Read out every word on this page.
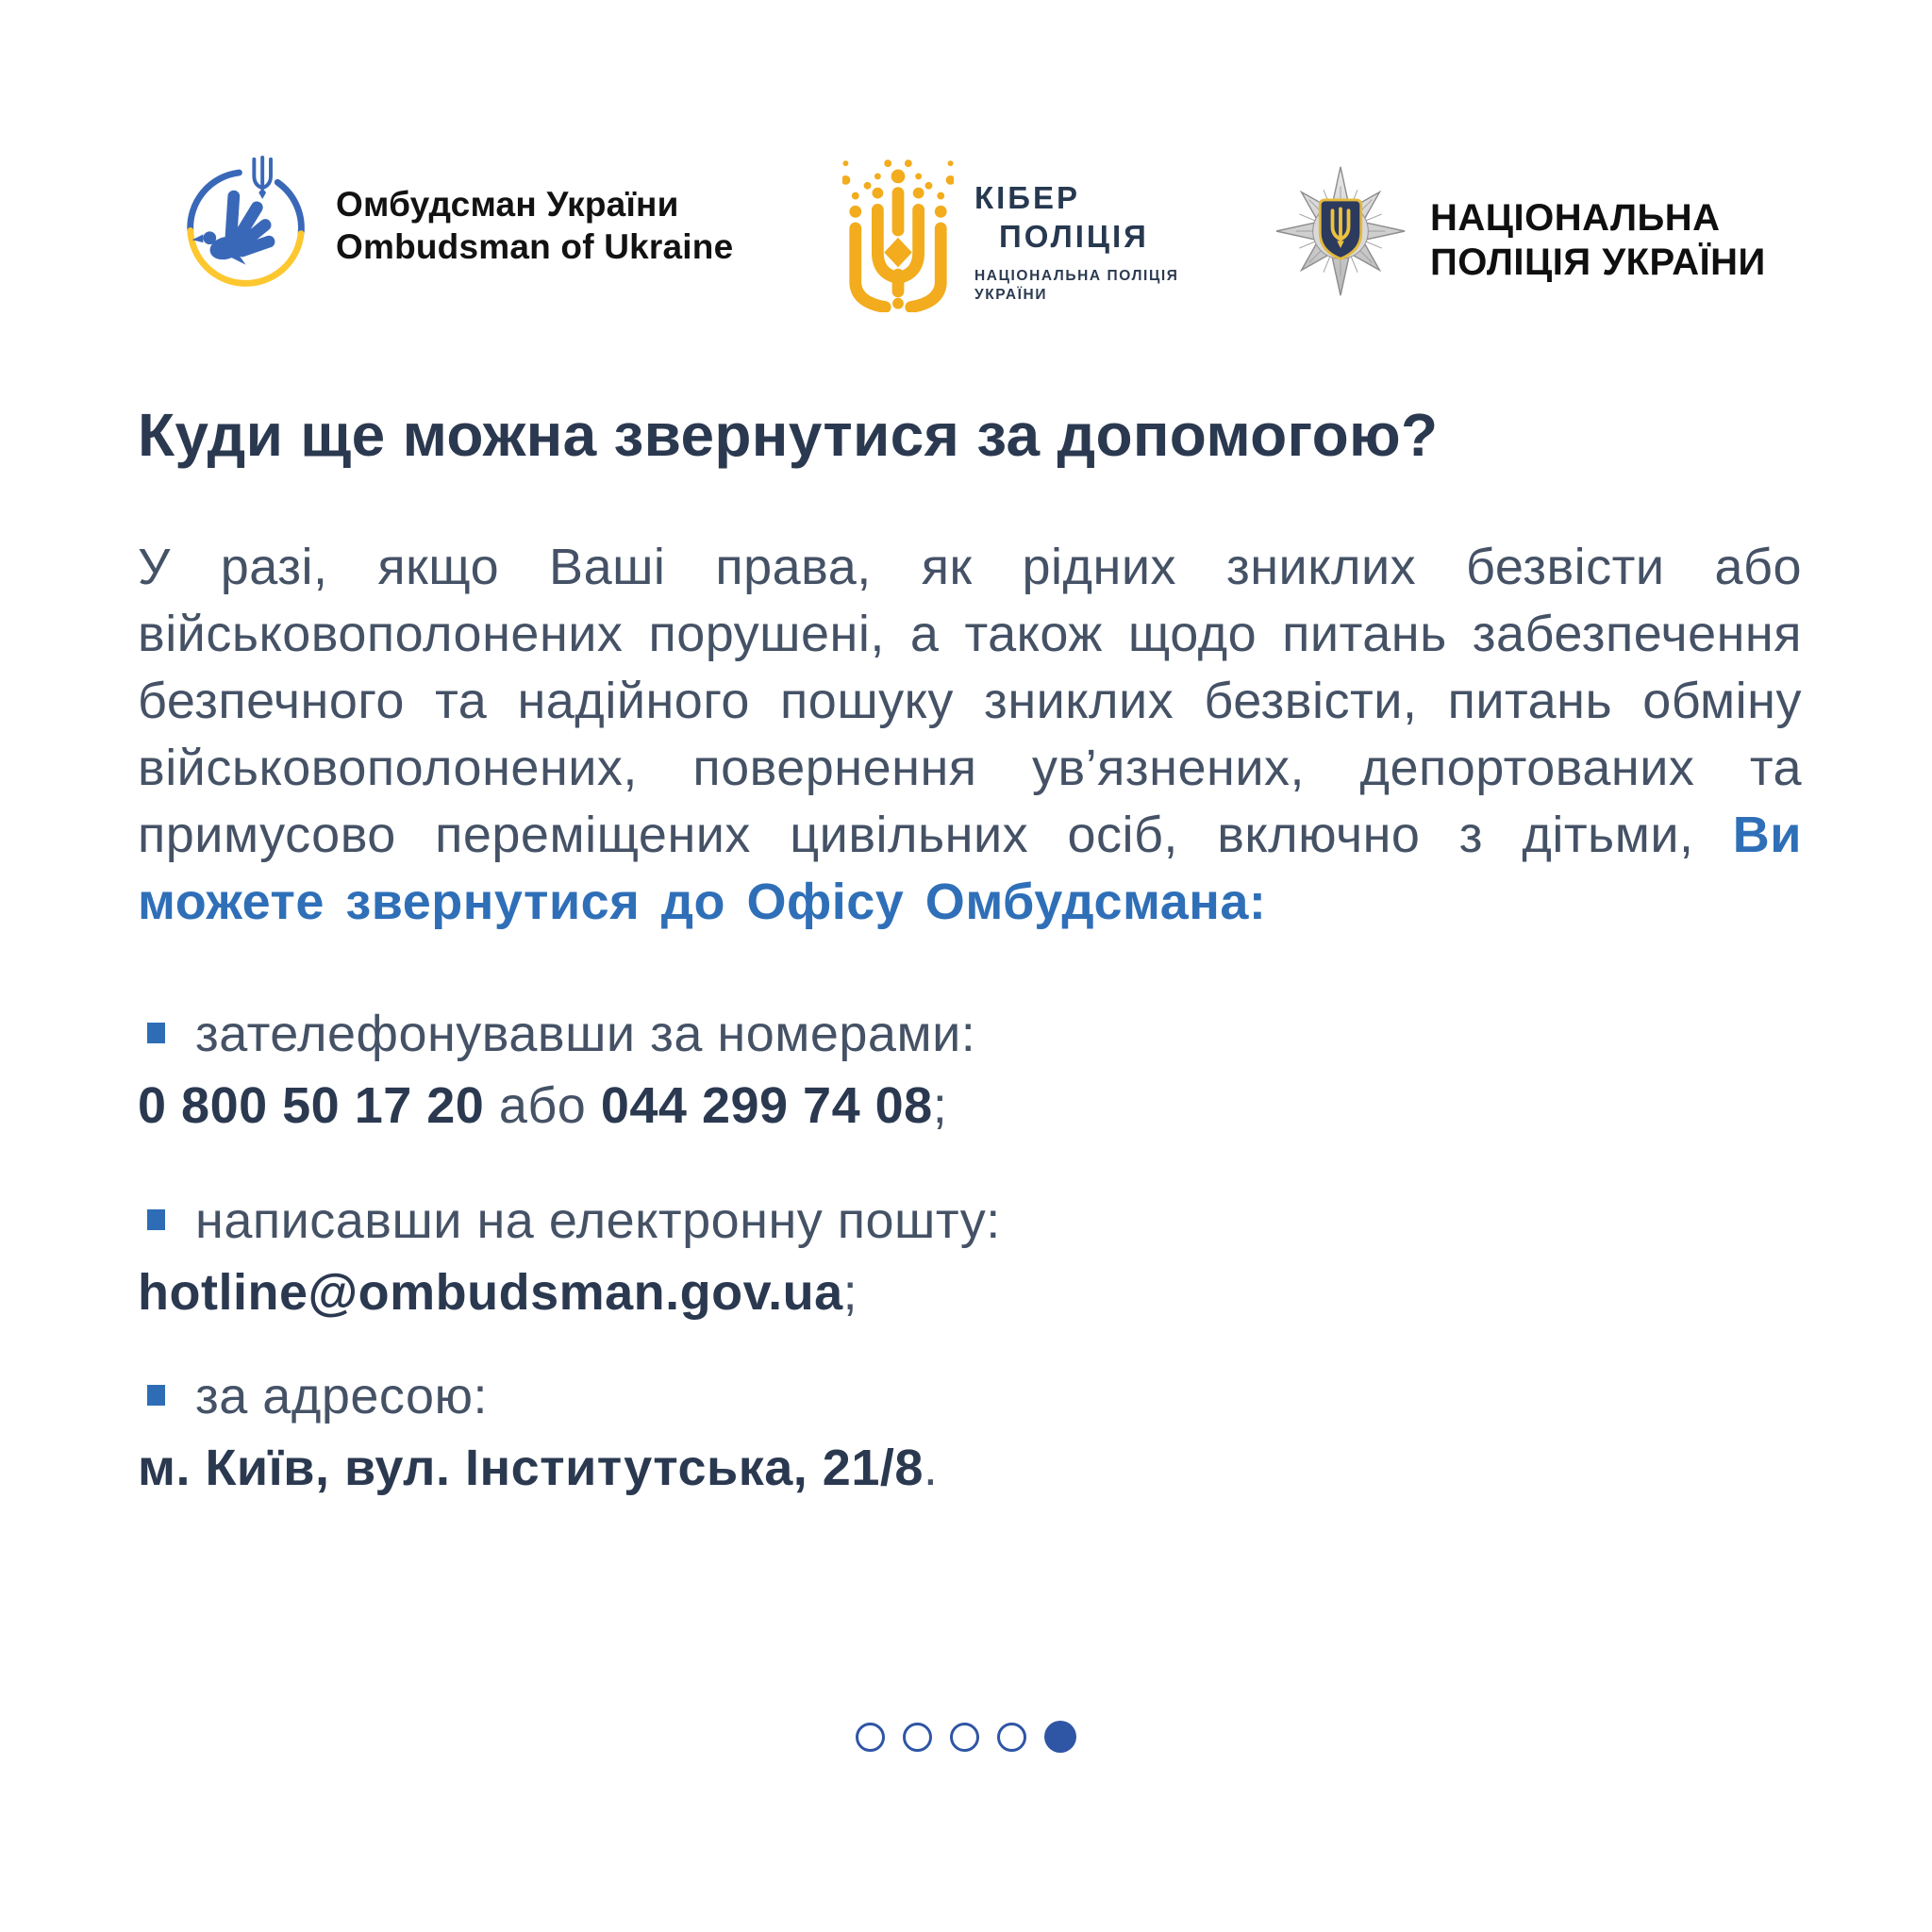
Омбудсман України
Ombudsman of Ukraine
КІБЕР
ПОЛІЦІЯ
НАЦІОНАЛЬНА ПОЛІЦІЯ УКРАЇНИ
НАЦІОНАЛЬНА ПОЛІЦІЯ УКРАЇНИ
Куди ще можна звернутися за допомогою?

У разі, якщо Ваші права, як рідних зниклих безвісти або військовополонених порушені, а також щодо питань забезпечення безпечного та надійного пошуку зниклих безвісти, питань обміну військовополонених, повернення ув’язнених, депортованих та примусово переміщених цивільних осіб, включно з дітьми, Ви можете звернутися до Офісу Омбудсмана:

зателефонувавши за номерами:
0 800 50 17 20 або 044 299 74 08;
написавши на електронну пошту:
hotline@ombudsman.gov.ua;
за адресою:
м. Київ, вул. Інститутська, 21/8.
